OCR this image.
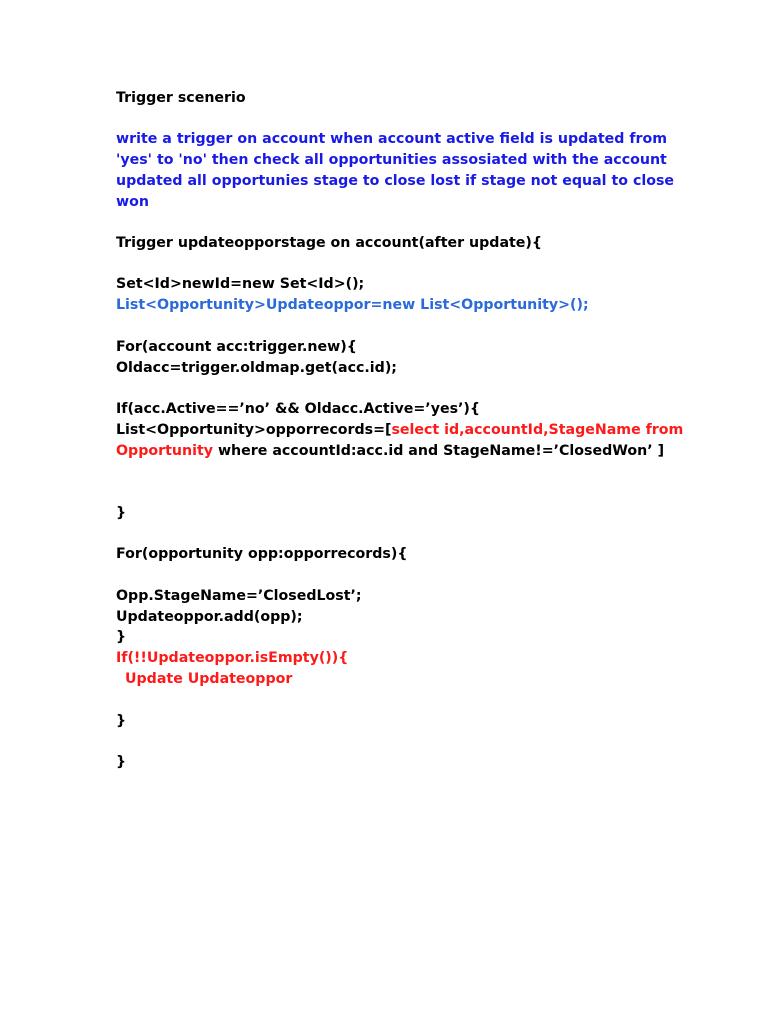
Trigger scenerio
write a trigger on account when account active field is updated from
'yes' to 'no' then check all opportunities assosiated with the account
updated all opportunies stage to close lost if stage not equal to close
won
Trigger updateopporstage on account(after update){
Set<Id>newId=new Set<Id>();
List<Opportunity>Updateoppor=new List<Opportunity>();
For(account acc:trigger.new){
Oldacc=trigger.oldmap.get(acc.id);
If(acc.Active==’no’ && Oldacc.Active=’yes’){
List<Opportunity>opporrecords=[select id,accountId,StageName from
Opportunity where accountId:acc.id and StageName!=’ClosedWon’ ]
}
For(opportunity opp:opporrecords){
Opp.StageName=’ClosedLost’;
Updateoppor.add(opp);
}
If(!!Updateoppor.isEmpty()){
Update Updateoppor
}
}
